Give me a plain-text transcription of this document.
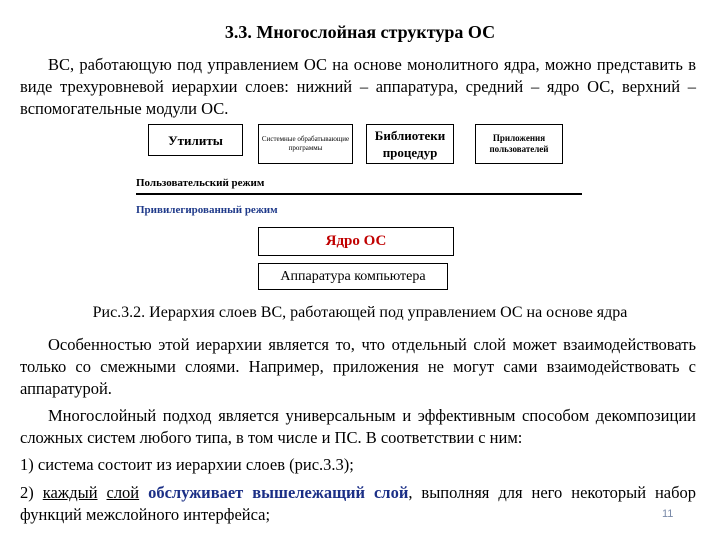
3.3. Многослойная структура ОС
ВС, работающую под управлением ОС на основе монолитного ядра, можно представить в виде трехуровневой иерархии слоев: нижний – аппаратура, средний – ядро ОС, верхний – вспомогательные модули ОС.
Утилиты	Системные обрабатывающие программы
Библиотеки процедур
Приложения пользователей
Пользовательский режим
Привилегированный режим
Ядро ОС
Аппаратура компьютера
Рис.3.2. Иерархия слоев ВС, работающей под управлением ОС на основе ядра
Особенностью этой иерархии является то, что отдельный слой может взаимодействовать только со смежными слоями. Например, приложения не могут сами взаимодействовать с аппаратурой.
Многослойный подход является универсальным и эффективным способом декомпозиции сложных систем любого типа, в том числе и ПС. В соответствии с ним:
1) система состоит из иерархии слоев (рис.3.3);
2) каждый слой обслуживает вышележащий слой, выполняя для него некоторый набор функций межслойного интерфейса;	11
